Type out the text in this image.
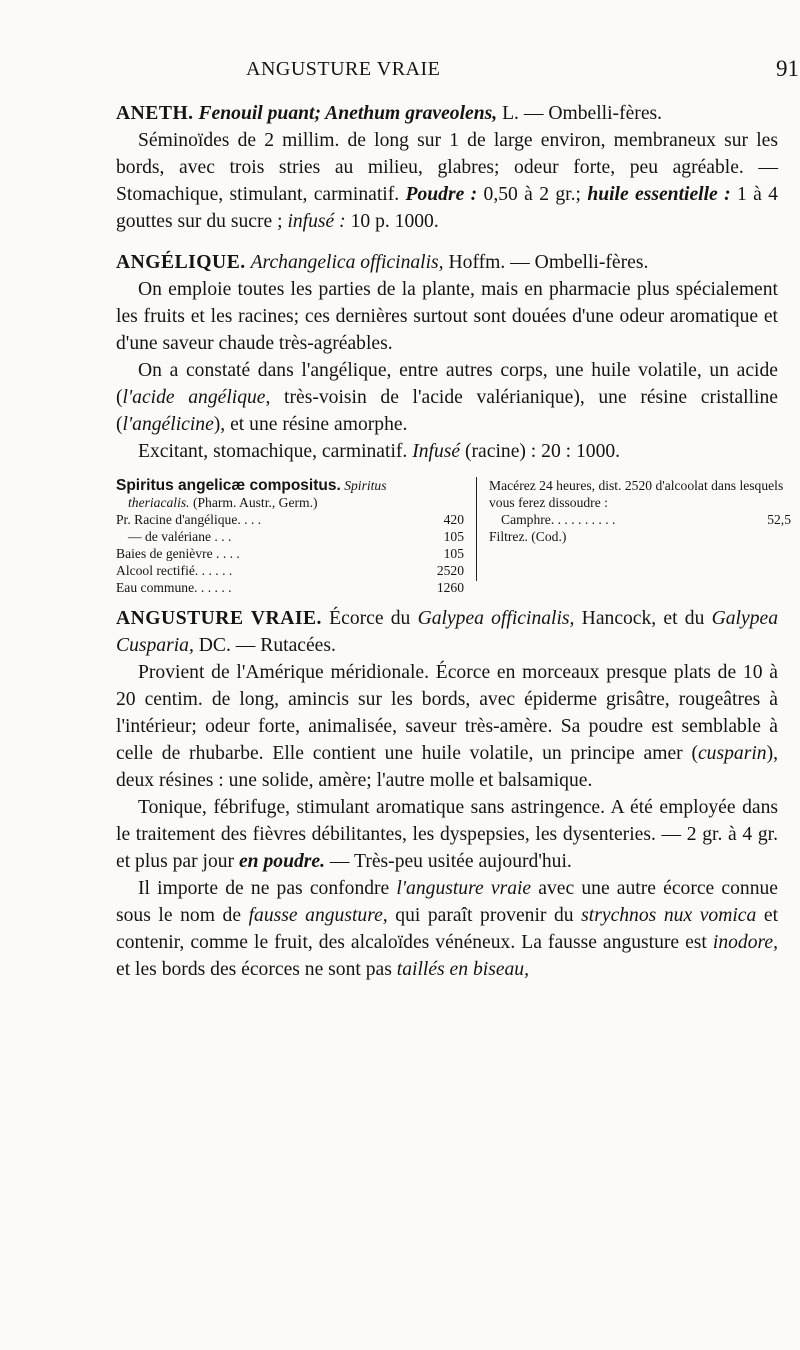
ANGUSTURE VRAIE	91

ANETH. Fenouil puant; Anethum graveolens, L. — Ombelli-fères.

Séminoïdes de 2 millim. de long sur 1 de large environ, membraneux sur les bords, avec trois stries au milieu, glabres; odeur forte, peu agréable. — Stomachique, stimulant, carminatif. Poudre : 0,50 à 2 gr.; huile essentielle : 1 à 4 gouttes sur du sucre ; infusé : 10 p. 1000.

ANGÉLIQUE. Archangelica officinalis, Hoffm. — Ombelli-fères.

On emploie toutes les parties de la plante, mais en pharmacie plus spécialement les fruits et les racines; ces dernières surtout sont douées d'une odeur aromatique et d'une saveur chaude très-agréables.

On a constaté dans l'angélique, entre autres corps, une huile volatile, un acide (l'acide angélique, très-voisin de l'acide valérianique), une résine cristalline (l'angélicine), et une résine amorphe.

Excitant, stomachique, carminatif. Infusé (racine) : 20 : 1000.

Spiritus angelicæ compositus. Spiritus
theriacalis. (Pharm. Austr., Germ.)
Pr. Racine d'angélique. . . .	420
— de valériane . . .	105
Baies de genièvre . . . .	105
Alcool rectifié. . . . . .	2520
Eau commune. . . . . .	1260
Macérez 24 heures, dist. 2520 d'alcoolat dans lesquels vous ferez dissoudre :
Camphre. . . . . . . . . .	52,5
Filtrez. (Cod.)

ANGUSTURE VRAIE. Écorce du Galypea officinalis, Hancock, et du Galypea Cusparia, DC. — Rutacées.

Provient de l'Amérique méridionale. Écorce en morceaux presque plats de 10 à 20 centim. de long, amincis sur les bords, avec épiderme grisâtre, rougeâtres à l'intérieur; odeur forte, animalisée, saveur très-amère. Sa poudre est semblable à celle de rhubarbe. Elle contient une huile volatile, un principe amer (cusparin), deux résines : une solide, amère; l'autre molle et balsamique.

Tonique, fébrifuge, stimulant aromatique sans astringence. A été employée dans le traitement des fièvres débilitantes, les dyspepsies, les dysenteries. — 2 gr. à 4 gr. et plus par jour en poudre. — Très-peu usitée aujourd'hui.

Il importe de ne pas confondre l'angusture vraie avec une autre écorce connue sous le nom de fausse angusture, qui paraît provenir du strychnos nux vomica et contenir, comme le fruit, des alcaloïdes vénéneux. La fausse angusture est inodore, et les bords des écorces ne sont pas taillés en biseau,
